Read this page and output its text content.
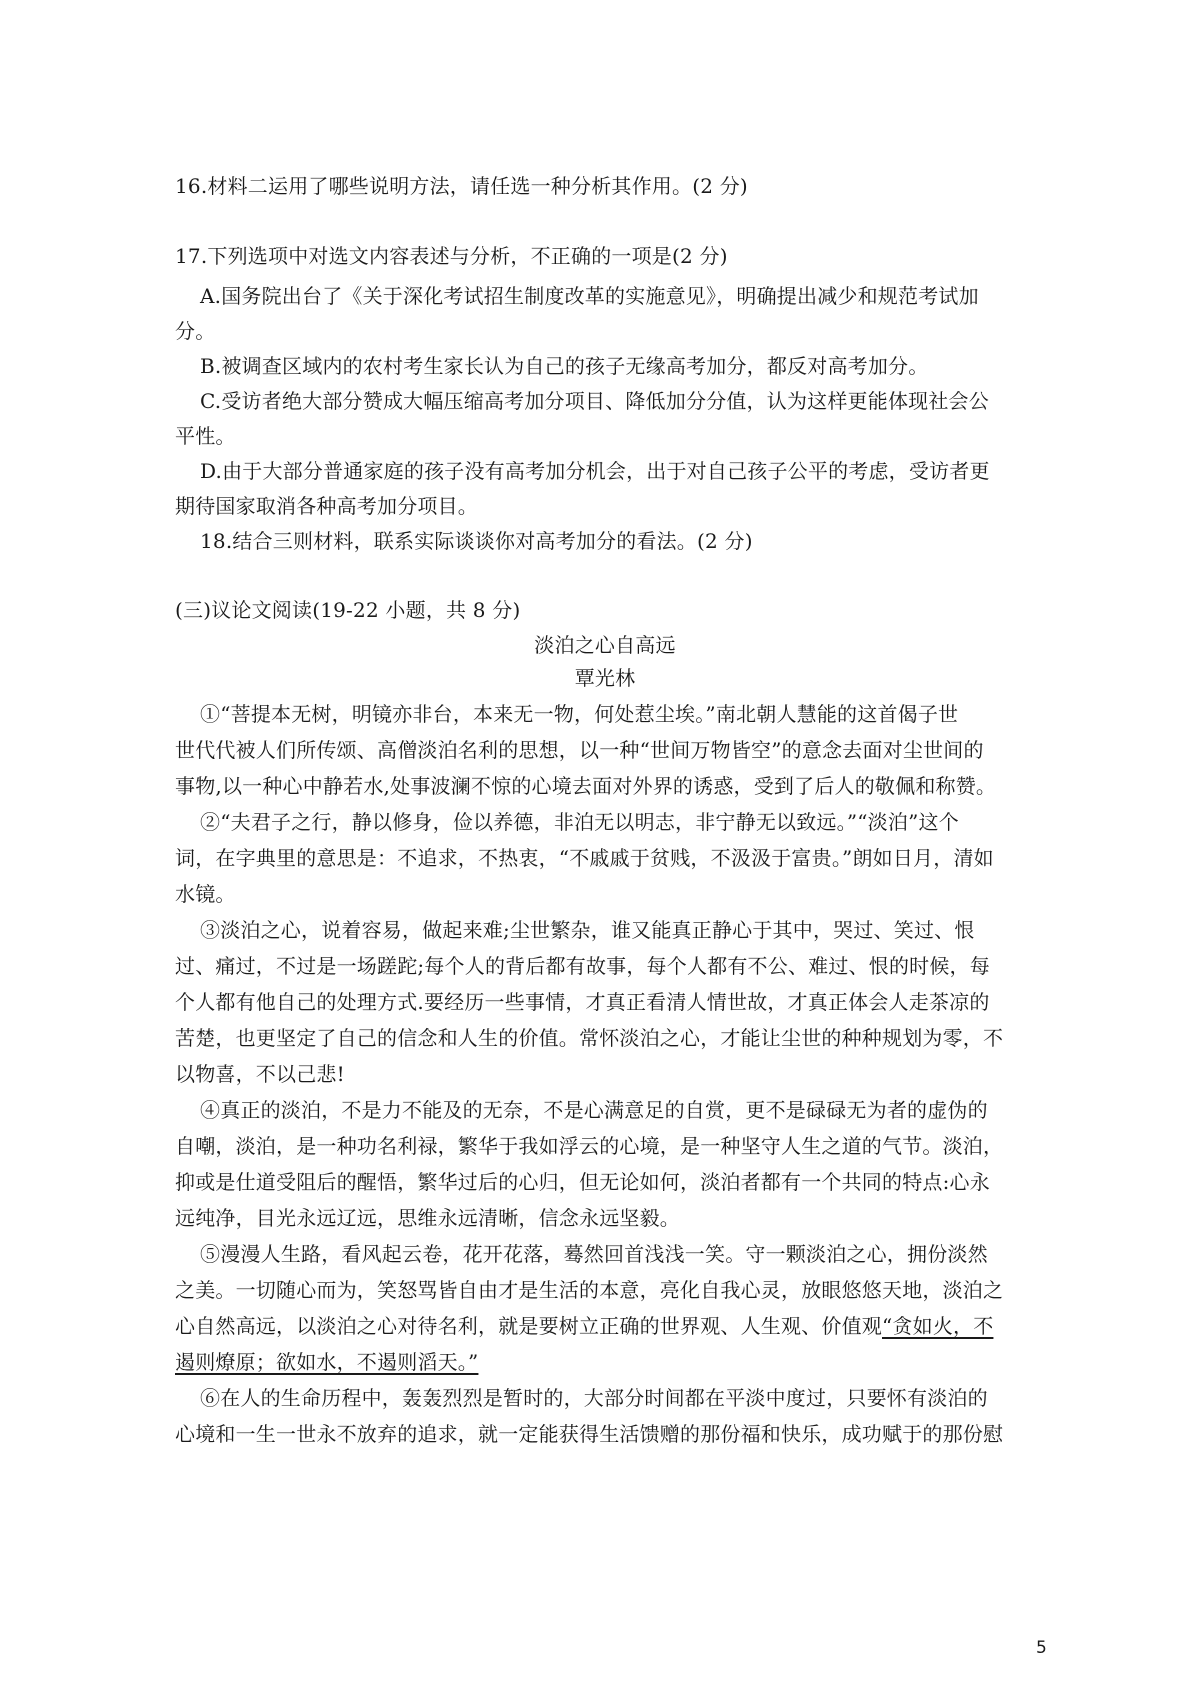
16.材料二运用了哪些说明方法，请任选一种分析其作用。(2 分)
17.下列选项中对选文内容表述与分析，不正确的一项是(2 分)
A.国务院出台了《关于深化考试招生制度改革的实施意见》，明确提出减少和规范考试加
分。
B.被调查区域内的农村考生家长认为自己的孩子无缘高考加分，都反对高考加分。
C.受访者绝大部分赞成大幅压缩高考加分项目、降低加分分值，认为这样更能体现社会公
平性。
D.由于大部分普通家庭的孩子没有高考加分机会，出于对自己孩子公平的考虑，受访者更
期待国家取消各种高考加分项目。
18.结合三则材料，联系实际谈谈你对高考加分的看法。(2 分)
(三)议论文阅读(19-22 小题，共 8 分)
淡泊之心自高远
覃光林
①“菩提本无树，明镜亦非台，本来无一物，何处惹尘埃。”南北朝人慧能的这首偈子世
世代代被人们所传颂、高僧淡泊名利的思想，以一种“世间万物皆空”的意念去面对尘世间的
事物,以一种心中静若水,处事波澜不惊的心境去面对外界的诱惑，受到了后人的敬佩和称赞。
②“夫君子之行，静以修身，俭以养德，非泊无以明志，非宁静无以致远。”“淡泊”这个
词，在字典里的意思是：不追求，不热衷，“不戚戚于贫贱，不汲汲于富贵。”朗如日月，清如
水镜。
③淡泊之心，说着容易，做起来难;尘世繁杂，谁又能真正静心于其中，哭过、笑过、恨
过、痛过，不过是一场蹉跎;每个人的背后都有故事，每个人都有不公、难过、恨的时候，每
个人都有他自己的处理方式.要经历一些事情，才真正看清人情世故，才真正体会人走茶凉的
苦楚，也更坚定了自己的信念和人生的价值。常怀淡泊之心，才能让尘世的种种规划为零，不
以物喜，不以己悲!
④真正的淡泊，不是力不能及的无奈，不是心满意足的自赏，更不是碌碌无为者的虚伪的
自嘲，淡泊，是一种功名利禄，繁华于我如浮云的心境，是一种坚守人生之道的气节。淡泊，
抑或是仕道受阻后的醒悟，繁华过后的心归，但无论如何，淡泊者都有一个共同的特点:心永
远纯净，目光永远辽远，思维永远清晰，信念永远坚毅。
⑤漫漫人生路，看风起云卷，花开花落，蓦然回首浅浅一笑。守一颗淡泊之心，拥份淡然
之美。一切随心而为，笑怒骂皆自由才是生活的本意，亮化自我心灵，放眼悠悠天地，淡泊之
心自然高远，以淡泊之心对待名利，就是要树立正确的世界观、人生观、价值观“贪如火，不
遏则燎原；欲如水，不遏则滔天。”
⑥在人的生命历程中，轰轰烈烈是暂时的，大部分时间都在平淡中度过，只要怀有淡泊的
心境和一生一世永不放弃的追求，就一定能获得生活馈赠的那份福和快乐，成功赋于的那份慰
5
